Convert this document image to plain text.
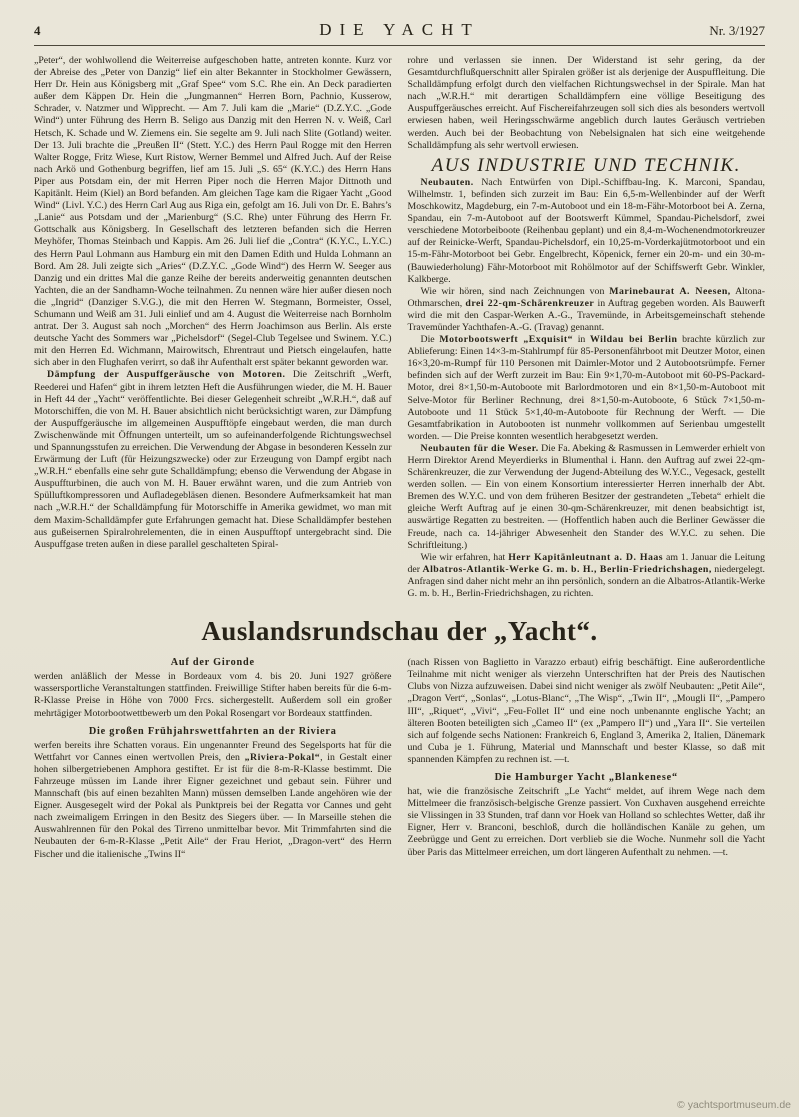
4	DIE YACHT	Nr. 3/1927

„Peter“, der wohlwollend die Weiterreise aufgeschoben hatte, antreten konnte. Kurz vor der Abreise des „Peter von Danzig“ lief ein alter Bekannter in Stockholmer Gewässern, Herr Dr. Hein aus Königsberg mit „Graf Spee“ vom S.C. Rhe ein. An Deck paradierten außer dem Käppen Dr. Hein die „Jungmannen“ Herren Born, Pachnio, Kusserow, Schrader, v. Natzmer und Wipprecht. — Am 7. Juli kam die „Marie“ (D.Z.Y.C. „Gode Wind“) unter Führung des Herrn B. Seligo aus Danzig mit den Herren N. v. Weiß, Carl Hetsch, K. Schade und W. Ziemens ein. Sie segelte am 9. Juli nach Slite (Gotland) weiter. Der 13. Juli brachte die „Preußen II“ (Stett. Y.C.) des Herrn Paul Rogge mit den Herren Walter Rogge, Fritz Wiese, Kurt Ristow, Werner Bemmel und Alfred Juch. Auf der Reise nach Arkö und Gothenburg begriffen, lief am 15. Juli „S. 65“ (K.Y.C.) des Herrn Hans Piper aus Potsdam ein, der mit Herren Piper noch die Herren Major Dittnoth und Kapitänlt. Heim (Kiel) an Bord befanden. Am gleichen Tage kam die Rigaer Yacht „Good Wind“ (Livl. Y.C.) des Herrn Carl Aug aus Riga ein, gefolgt am 16. Juli von Dr. E. Bahrs’s „Lanie“ aus Potsdam und der „Marienburg“ (S.C. Rhe) unter Führung des Herrn Fr. Gottschalk aus Königsberg. In Gesellschaft des letzteren befanden sich die Herren Meyhöfer, Thomas Steinbach und Kappis. Am 26. Juli lief die „Contra“ (K.Y.C., L.Y.C.) des Herrn Paul Lohmann aus Hamburg ein mit den Damen Edith und Hulda Lohmann an Bord. Am 28. Juli zeigte sich „Aries“ (D.Z.Y.C. „Gode Wind“) des Herrn W. Seeger aus Danzig und ein drittes Mal die ganze Reihe der bereits anderweitig genannten deutschen Yachten, die an der Sandhamn-Woche teilnahmen. Zu nennen wäre hier außer diesen noch die „Ingrid“ (Danziger S.V.G.), die mit den Herren W. Stegmann, Bormeister, Ossel, Schumann und Weiß am 31. Juli einlief und am 4. August die Weiterreise nach Bornholm antrat. Der 3. August sah noch „Morchen“ des Herrn Joachimson aus Berlin. Als erste deutsche Yacht des Sommers war „Pichelsdorf“ (Segel-Club Tegelsee und Swinem. Y.C.) mit den Herren Ed. Wichmann, Mairowitsch, Ehrentraut und Pietsch eingelaufen, hatte sich aber in den Flughafen verirrt, so daß ihr Aufenthalt erst später bekannt geworden war.

Dämpfung der Auspuffgeräusche von Motoren. Die Zeitschrift „Werft, Reederei und Hafen“ gibt in ihrem letzten Heft die Ausführungen wieder, die M. H. Bauer in Heft 44 der „Yacht“ veröffentlichte. Bei dieser Gelegenheit schreibt „W.R.H.“, daß auf Motorschiffen, die von M. H. Bauer absichtlich nicht berücksichtigt waren, zur Dämpfung der Auspuffgeräusche im allgemeinen Auspufftöpfe eingebaut werden, die man durch Zwischenwände mit Öffnungen unterteilt, um so aufeinanderfolgende Richtungswechsel und Spannungsstufen zu erreichen. Die Verwendung der Abgase in besonderen Kesseln zur Erwärmung der Luft (für Heizungszwecke) oder zur Erzeugung von Dampf ergibt nach „W.R.H.“ ebenfalls eine sehr gute Schalldämpfung; ebenso die Verwendung der Abgase in Auspuffturbinen, die auch von M. H. Bauer erwähnt waren, und die zum Antrieb von Spülluftkompressoren und Aufladegebläsen dienen. Besondere Aufmerksamkeit hat man nach „W.R.H.“ der Schalldämpfung für Motorschiffe in Amerika gewidmet, wo man mit dem Maxim-Schalldämpfer gute Erfahrungen gemacht hat. Diese Schalldämpfer bestehen aus gußeisernen Spiralrohrelementen, die in einen Auspufftopf untergebracht sind. Die Auspuffgase treten außen in diese parallel geschalteten Spiral-

rohre und verlassen sie innen. Der Widerstand ist sehr gering, da der Gesamtdurchflußquerschnitt aller Spiralen größer ist als derjenige der Auspuffleitung. Die Schalldämpfung erfolgt durch den vielfachen Richtungswechsel in der Spirale. Man hat nach „W.R.H.“ mit derartigen Schalldämpfern eine völlige Beseitigung des Auspuffgeräusches erreicht. Auf Fischereifahrzeugen soll sich dies als besonders wertvoll erwiesen haben, weil Heringsschwärme angeblich durch lautes Geräusch vertrieben werden. Auch bei der Beobachtung von Nebelsignalen hat sich eine weitgehende Schalldämpfung als sehr wertvoll erwiesen.

AUS INDUSTRIE UND TECHNIK.

Neubauten. Nach Entwürfen von Dipl.-Schiffbau-Ing. K. Marconi, Spandau, Wilhelmstr. 1, befinden sich zurzeit im Bau: Ein 6,5-m-Wellenbinder auf der Werft Moschkowitz, Magdeburg, ein 7-m-Autoboot und ein 18-m-Fähr-Motorboot bei A. Zerna, Spandau, ein 7-m-Autoboot auf der Bootswerft Kümmel, Spandau-Pichelsdorf, zwei verschiedene Motorbeiboote (Reihenbau geplant) und ein 8,4-m-Wochenendmotorkreuzer auf der Reinicke-Werft, Spandau-Pichelsdorf, ein 10,25-m-Vorderkajütmotorboot und ein 15-m-Fähr-Motorboot bei Gebr. Engelbrecht, Köpenick, ferner ein 20-m- und ein 30-m- (Bauwiederholung) Fähr-Motorboot mit Rohölmotor auf der Schiffswerft Gebr. Winkler, Kalkberge.

Wie wir hören, sind nach Zeichnungen von Marinebaurat A. Neesen, Altona-Othmarschen, drei 22-qm-Schärenkreuzer in Auftrag gegeben worden. Als Bauwerft wird die mit den Caspar-Werken A.-G., Travemünde, in Arbeitsgemeinschaft stehende Travemünder Yachthafen-A.-G. (Travag) genannt.

Die Motorbootswerft „Exquisit“ in Wildau bei Berlin brachte kürzlich zur Ablieferung: Einen 14×3-m-Stahlrumpf für 85-Personenfährboot mit Deutzer Motor, einen 16×3,20-m-Rumpf für 110 Personen mit Daimler-Motor und 2 Autobootsrümpfe. Ferner befinden sich auf der Werft zurzeit im Bau: Ein 9×1,70-m-Autoboot mit 60-PS-Packard-Motor, drei 8×1,50-m-Autoboote mit Barlordmotoren und ein 8×1,50-m-Autoboot mit Selve-Motor für Berliner Rechnung, drei 8×1,50-m-Autoboote, 6 Stück 7×1,50-m-Autoboote und 11 Stück 5×1,40-m-Autoboote für Rechnung der Werft. — Die Gesamtfabrikation in Autobooten ist nunmehr vollkommen auf Serienbau umgestellt worden. — Die Preise konnten wesentlich herabgesetzt werden.

Neubauten für die Weser. Die Fa. Abeking & Rasmussen in Lemwerder erhielt von Herrn Direktor Arend Meyerdierks in Blumenthal i. Hann. den Auftrag auf zwei 22-qm-Schärenkreuzer, die zur Verwendung der Jugend-Abteilung des W.Y.C., Vegesack, gestellt werden sollen. — Ein von einem Konsortium interessierter Herren innerhalb der Abt. Bremen des W.Y.C. und von dem früheren Besitzer der gestrandeten „Tebeta“ erhielt die gleiche Werft Auftrag auf je einen 30-qm-Schärenkreuzer, mit denen beabsichtigt ist, auswärtige Regatten zu bestreiten. — (Hoffentlich haben auch die Berliner Gewässer die Freude, nach ca. 14-jähriger Abwesenheit den Stander des W.Y.C. zu sehen. Die Schriftleitung.)

Wie wir erfahren, hat Herr Kapitänleutnant a. D. Haas am 1. Januar die Leitung der Albatros-Atlantik-Werke G. m. b. H., Berlin-Friedrichshagen, niedergelegt. Anfragen sind daher nicht mehr an ihn persönlich, sondern an die Albatros-Atlantik-Werke G. m. b. H., Berlin-Friedrichshagen, zu richten.

Auslandsrundschau der „Yacht“.
Auf der Gironde

werden anläßlich der Messe in Bordeaux vom 4. bis 20. Juni 1927 größere wassersportliche Veranstaltungen stattfinden. Freiwillige Stifter haben bereits für die 6-m-R-Klasse Preise in Höhe von 7000 Frcs. sichergestellt. Außerdem soll ein großer mehrtägiger Motorbootwettbewerb um den Pokal Rosengart vor Bordeaux stattfinden.

Die großen Frühjahrswettfahrten an der Riviera

werfen bereits ihre Schatten voraus. Ein ungenannter Freund des Segelsports hat für die Wettfahrt vor Cannes einen wertvollen Preis, den „Riviera-Pokal“, in Gestalt einer hohen silbergetriebenen Amphora gestiftet. Er ist für die 8-m-R-Klasse bestimmt. Die Fahrzeuge müssen im Lande ihrer Eigner gezeichnet und gebaut sein. Führer und Mannschaft (bis auf einen bezahlten Mann) müssen demselben Lande angehören wie der Eigner. Ausgesegelt wird der Pokal als Punktpreis bei der Regatta vor Cannes und geht nach zweimaligem Erringen in den Besitz des Siegers über. — In Marseille stehen die Auswahlrennen für den Pokal des Tirreno unmittelbar bevor. Mit Trimmfahrten sind die Neubauten der 6-m-R-Klasse „Petit Aile“ der Frau Heriot, „Dragon-vert“ des Herrn Fischer und die italienische „Twins II“

(nach Rissen von Baglietto in Varazzo erbaut) eifrig beschäftigt. Eine außerordentliche Teilnahme mit nicht weniger als vierzehn Unterschriften hat der Preis des Nautischen Clubs von Nizza aufzuweisen. Dabei sind nicht weniger als zwölf Neubauten: „Petit Aile“, „Dragon Vert“, „Sonlas“, „Lotus-Blanc“, „The Wisp“, „Twin II“, „Mougli II“, „Pampero III“, „Riquet“, „Vivi“, „Feu-Follet II“ und eine noch unbenannte englische Yacht; an älteren Booten beteiligten sich „Cameo II“ (ex „Pampero II“) und „Yara II“. Sie verteilen sich auf folgende sechs Nationen: Frankreich 6, England 3, Amerika 2, Italien, Dänemark und Cuba je 1. Führung, Material und Mannschaft und bester Klasse, so daß mit spannenden Kämpfen zu rechnen ist. —t.

Die Hamburger Yacht „Blankenese“

hat, wie die französische Zeitschrift „Le Yacht“ meldet, auf ihrem Wege nach dem Mittelmeer die französisch-belgische Grenze passiert. Von Cuxhaven ausgehend erreichte sie Vlissingen in 33 Stunden, traf dann vor Hoek van Holland so schlechtes Wetter, daß ihr Eigner, Herr v. Branconi, beschloß, durch die holländischen Kanäle zu gehen, um Zeebrügge und Gent zu erreichen. Dort verblieb sie die Woche. Nunmehr soll die Yacht über Paris das Mittelmeer erreichen, um dort längeren Aufenthalt zu nehmen. —t.

© yachtsportmuseum.de
